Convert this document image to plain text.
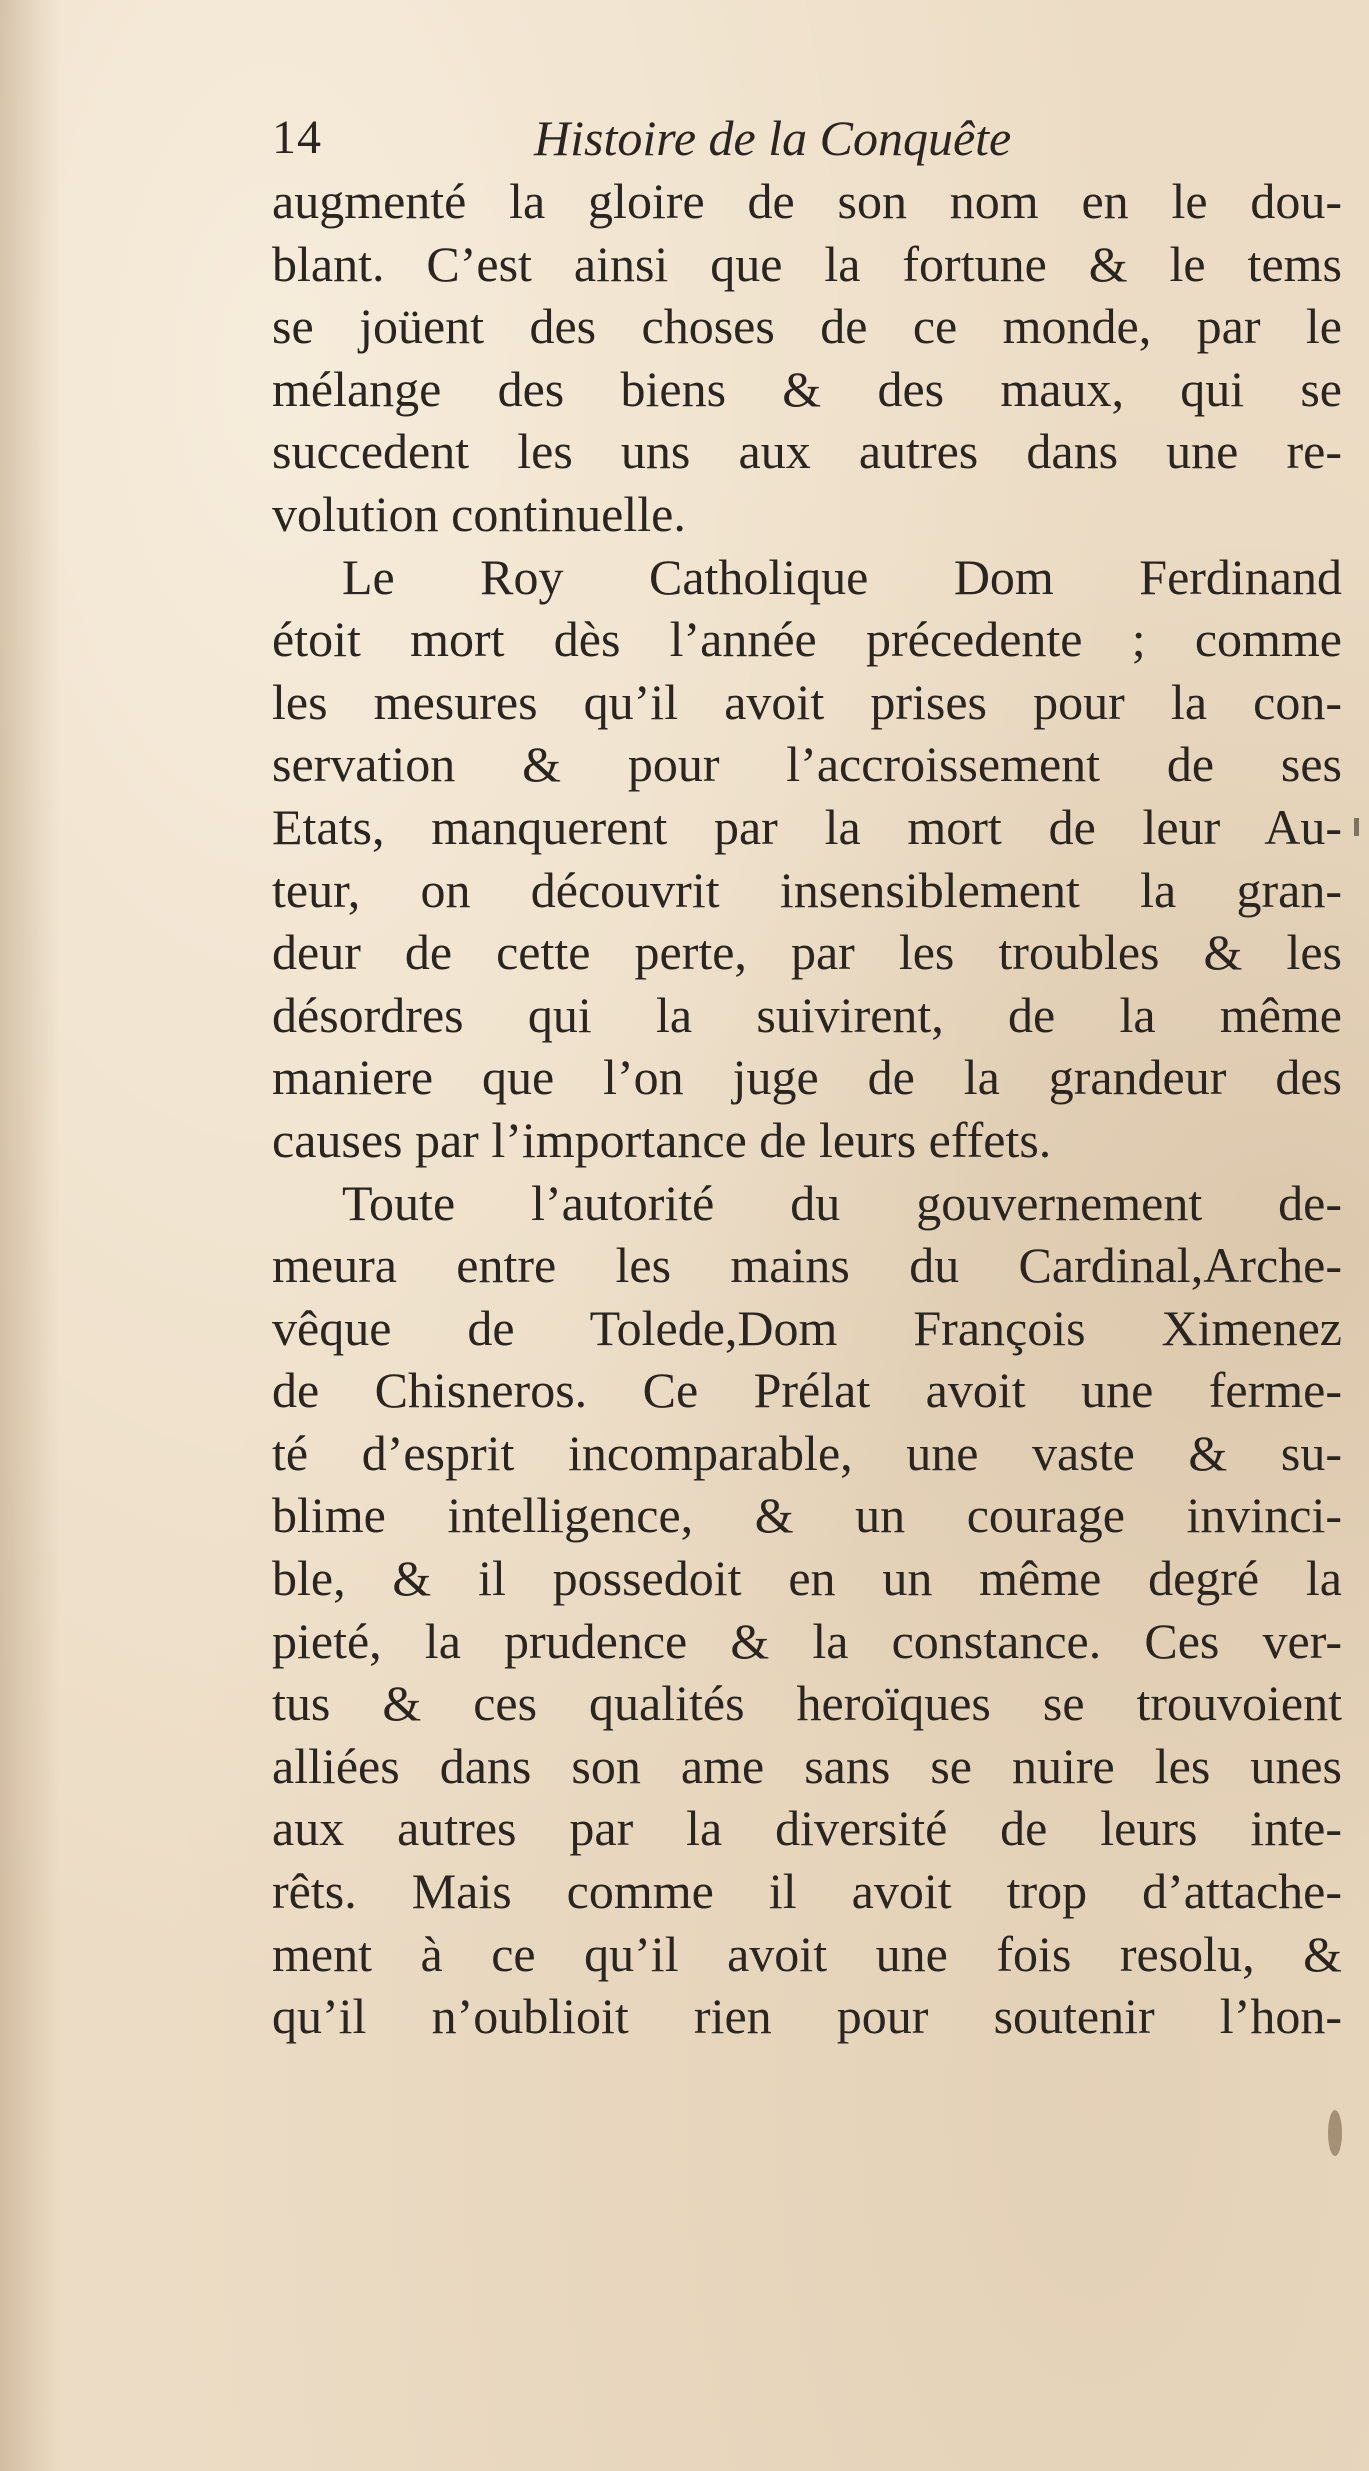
14	Histoire de la Conquête
augmenté la gloire de son nom en le dou-
blant. C’est ainsi que la fortune & le tems
se joüent des choses de ce monde, par le
mélange des biens & des maux, qui se
succedent les uns aux autres dans une re-
volution continuelle.
Le Roy Catholique Dom Ferdinand
étoit mort dès l’année précedente ; comme
les mesures qu’il avoit prises pour la con-
servation & pour l’accroissement de ses
Etats, manquerent par la mort de leur Au-
teur, on découvrit insensiblement la gran-
deur de cette perte, par les troubles & les
désordres qui la suivirent, de la même
maniere que l’on juge de la grandeur des
causes par l’importance de leurs effets.
Toute l’autorité du gouvernement de-
meura entre les mains du Cardinal,Arche-
vêque de Tolede,Dom François Ximenez
de Chisneros. Ce Prélat avoit une ferme-
té d’esprit incomparable, une vaste & su-
blime intelligence, & un courage invinci-
ble, & il possedoit en un même degré la
pieté, la prudence & la constance. Ces ver-
tus & ces qualités heroïques se trouvoient
alliées dans son ame sans se nuire les unes
aux autres par la diversité de leurs inte-
rêts. Mais comme il avoit trop d’attache-
ment à ce qu’il avoit une fois resolu, &
qu’il n’oublioit rien pour soutenir l’hon-
